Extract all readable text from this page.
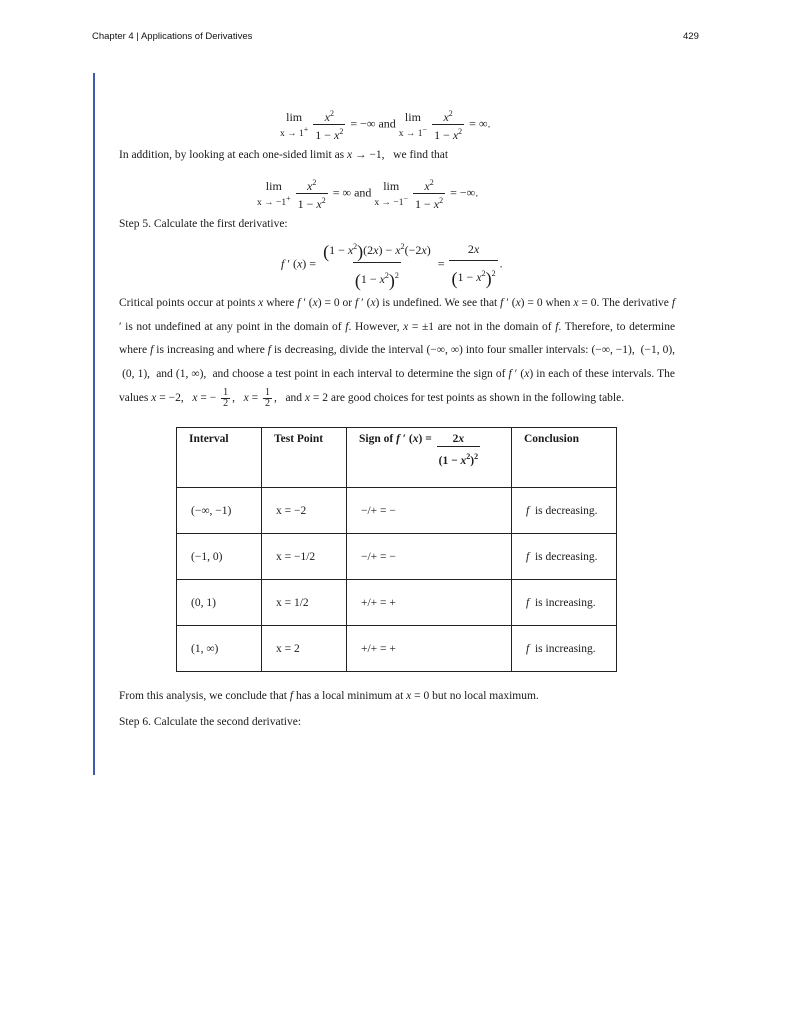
Chapter 4 | Applications of Derivatives	429
lim
x → 1+
$\frac{x^2}{1 - x^2}$ = −∞ and lim
x → 1−
$\frac{x^2}{1 - x^2}$ = ∞.
In addition, by looking at each one-sided limit as x → −1,   we find that
lim
x → −1+
$\frac{x^2}{1 - x^2}$ = ∞ and lim
x → −1−
$\frac{x^2}{1 - x^2}$ = −∞.
Step 5. Calculate the first derivative:
f ′ $(x) = \frac{(1 - x^2)(2x) - x^2(-2x)}{(1 - x^2)^2} = \frac{2x}{(1 - x^2)^2}$ .
Critical points occur at points x where f ′ (x) = 0 or f ′ (x) is undefined. We see that f ′ (x) = 0 when x = 0. The derivative f ′ is not undefined at any point in the domain of f. However, x = ±1 are not in the domain of f. Therefore, to determine where f is increasing and where f is decreasing, divide the interval (−∞, ∞) into four smaller intervals: (−∞, −1),  (−1, 0),  (0, 1),  and (1, ∞),  and choose a test point in each interval to determine the sign of f ′ (x) in each of these intervals. The values x = −2,   x = − $\frac{1}{2}$ ,   $x = \frac{1}{2}$ ,   and x = 2 are good choices for test points as shown in the following table.
Interval	Test Point	Sign of f ′ $(x) = \frac{2x}{(1 - x^2)^2}$	Conclusion
(−∞, −1)	x = −2	−/+ = −	f is decreasing.
(−1, 0)	x = −1/2	−/+ = −	f is decreasing.
(0, 1)	x = 1/2	+/+ = +	f is increasing.
(1, ∞)	x = 2	+/+ = +	f is increasing.
From this analysis, we conclude that f has a local minimum at x = 0 but no local maximum.
Step 6. Calculate the second derivative:
